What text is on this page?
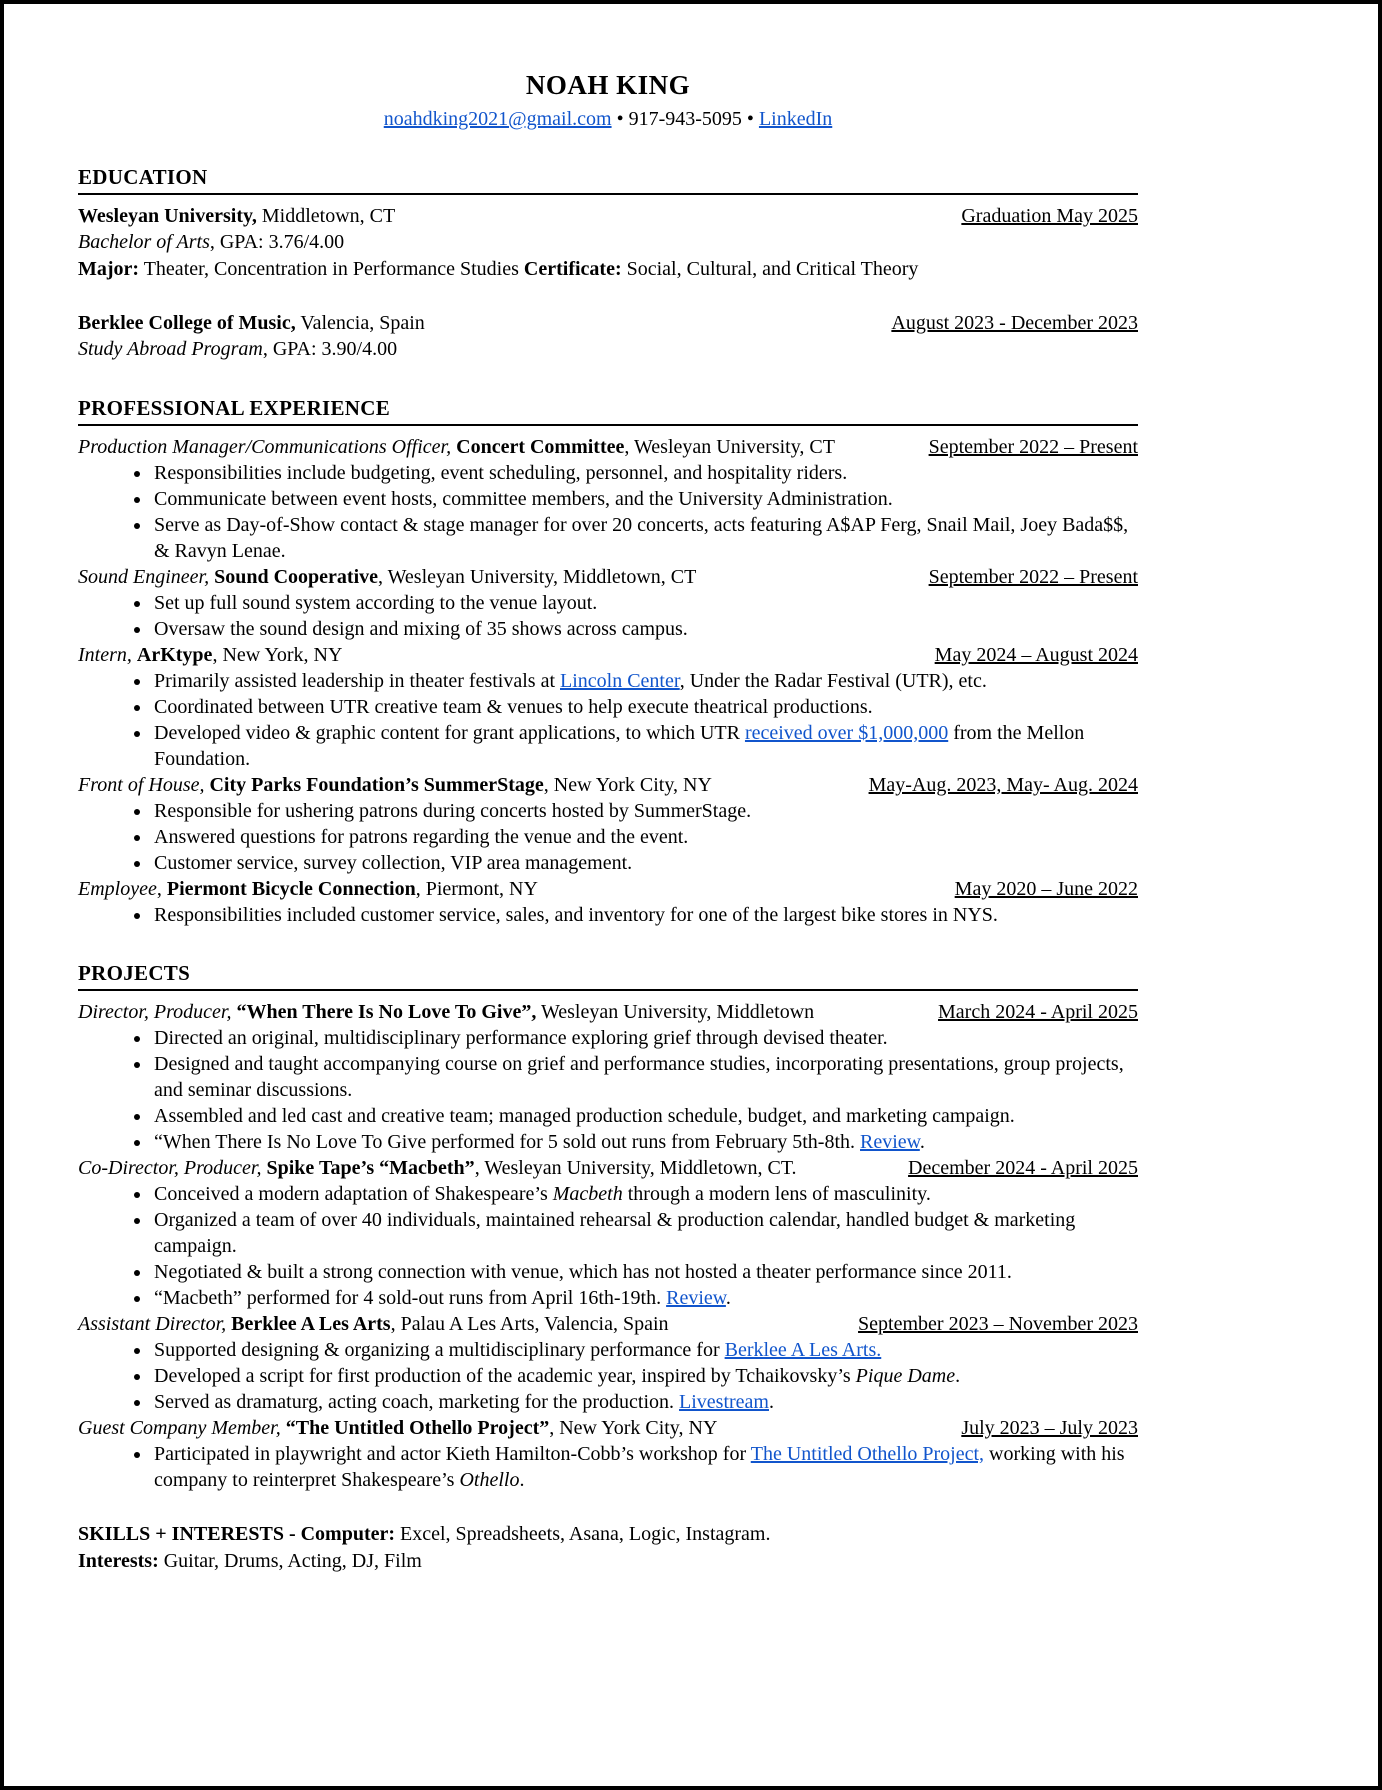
NOAH KING
noahdking2021@gmail.com • 917-943-5095 • LinkedIn
EDUCATION
Wesleyan University, Middletown, CT	Graduation May 2025
Bachelor of Arts, GPA: 3.76/4.00
Major: Theater, Concentration in Performance Studies Certificate: Social, Cultural, and Critical Theory
Berklee College of Music, Valencia, Spain	August 2023 - December 2023
Study Abroad Program, GPA: 3.90/4.00
PROFESSIONAL EXPERIENCE
Production Manager/Communications Officer, Concert Committee, Wesleyan University, CT	September 2022 – Present
• Responsibilities include budgeting, event scheduling, personnel, and hospitality riders.
• Communicate between event hosts, committee members, and the University Administration.
• Serve as Day-of-Show contact & stage manager for over 20 concerts, acts featuring A$AP Ferg, Snail Mail, Joey Bada$$, & Ravyn Lenae.
Sound Engineer, Sound Cooperative, Wesleyan University, Middletown, CT	September 2022 – Present
• Set up full sound system according to the venue layout.
• Oversaw the sound design and mixing of 35 shows across campus.
Intern, ArKtype, New York, NY	May 2024 – August 2024
• Primarily assisted leadership in theater festivals at Lincoln Center, Under the Radar Festival (UTR), etc.
• Coordinated between UTR creative team & venues to help execute theatrical productions.
• Developed video & graphic content for grant applications, to which UTR received over $1,000,000 from the Mellon Foundation.
Front of House, City Parks Foundation’s SummerStage, New York City, NY	May-Aug. 2023, May- Aug. 2024
• Responsible for ushering patrons during concerts hosted by SummerStage.
• Answered questions for patrons regarding the venue and the event.
• Customer service, survey collection, VIP area management.
Employee, Piermont Bicycle Connection, Piermont, NY	May 2020 – June 2022
• Responsibilities included customer service, sales, and inventory for one of the largest bike stores in NYS.
PROJECTS
Director, Producer, “When There Is No Love To Give”, Wesleyan University, Middletown	March 2024 - April 2025
• Directed an original, multidisciplinary performance exploring grief through devised theater.
• Designed and taught accompanying course on grief and performance studies, incorporating presentations, group projects, and seminar discussions.
• Assembled and led cast and creative team; managed production schedule, budget, and marketing campaign.
• “When There Is No Love To Give performed for 5 sold out runs from February 5th-8th. Review.
Co-Director, Producer, Spike Tape’s “Macbeth”, Wesleyan University, Middletown, CT.	December 2024 - April 2025
• Conceived a modern adaptation of Shakespeare’s Macbeth through a modern lens of masculinity.
• Organized a team of over 40 individuals, maintained rehearsal & production calendar, handled budget & marketing campaign.
• Negotiated & built a strong connection with venue, which has not hosted a theater performance since 2011.
• “Macbeth” performed for 4 sold-out runs from April 16th-19th. Review.
Assistant Director, Berklee A Les Arts, Palau A Les Arts, Valencia, Spain	September 2023 – November 2023
• Supported designing & organizing a multidisciplinary performance for Berklee A Les Arts.
• Developed a script for first production of the academic year, inspired by Tchaikovsky’s Pique Dame.
• Served as dramaturg, acting coach, marketing for the production. Livestream.
Guest Company Member, “The Untitled Othello Project”, New York City, NY	July 2023 – July 2023
• Participated in playwright and actor Kieth Hamilton-Cobb’s workshop for The Untitled Othello Project, working with his company to reinterpret Shakespeare’s Othello.
SKILLS + INTERESTS - Computer: Excel, Spreadsheets, Asana, Logic, Instagram.
Interests: Guitar, Drums, Acting, DJ, Film
